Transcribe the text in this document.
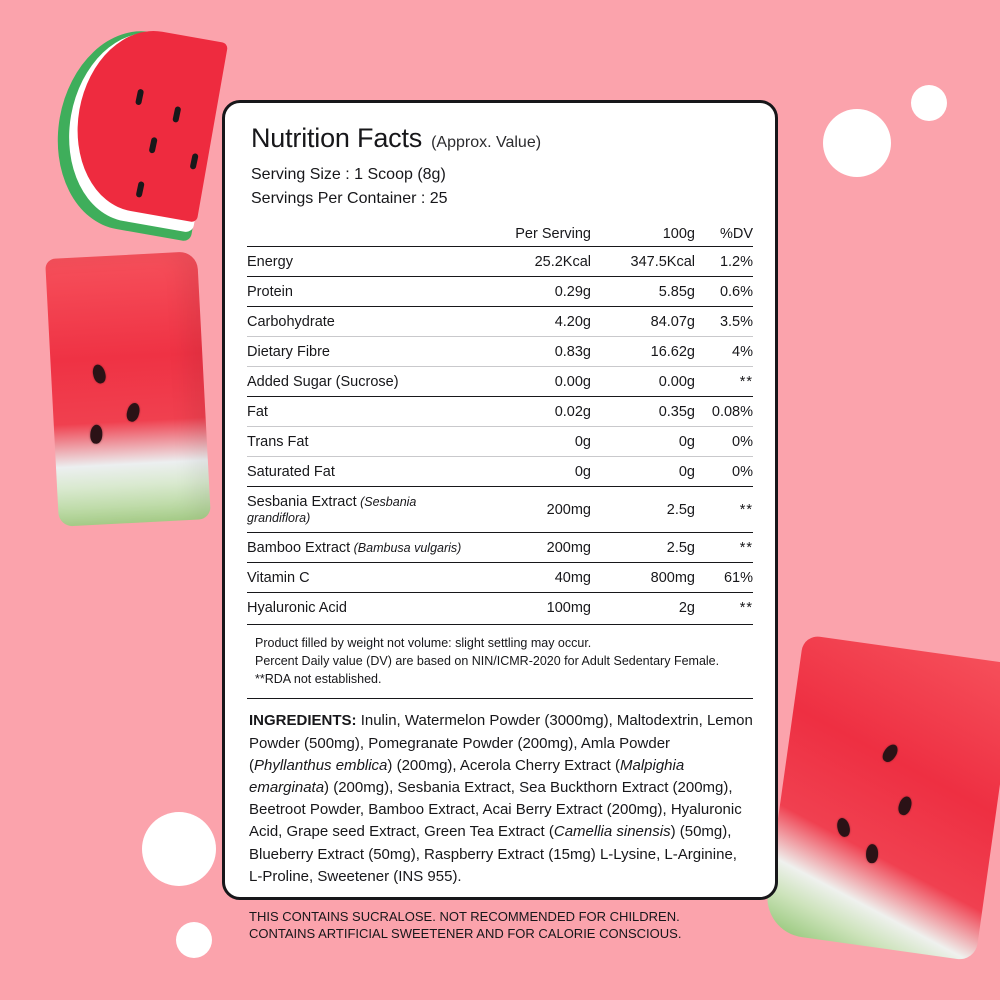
Nutrition Facts (Approx. Value)
Serving Size : 1 Scoop (8g)
Servings Per Container : 25
	Per Serving	100g	%DV
Energy	25.2Kcal	347.5Kcal	1.2%
Protein	0.29g	5.85g	0.6%
Carbohydrate	4.20g	84.07g	3.5%
Dietary Fibre	0.83g	16.62g	4%
Added Sugar (Sucrose)	0.00g	0.00g	**
Fat	0.02g	0.35g	0.08%
Trans Fat	0g	0g	0%
Saturated Fat	0g	0g	0%
Sesbania Extract (Sesbania grandiflora)	200mg	2.5g	**
Bamboo Extract (Bambusa vulgaris)	200mg	2.5g	**
Vitamin C	40mg	800mg	61%
Hyaluronic Acid	100mg	2g	**
Product filled by weight not volume: slight settling may occur.
Percent Daily value (DV) are based on NIN/ICMR-2020 for Adult Sedentary Female.
**RDA not established.
INGREDIENTS: Inulin, Watermelon Powder (3000mg), Maltodextrin, Lemon Powder (500mg), Pomegranate Powder (200mg), Amla Powder (Phyllanthus emblica) (200mg), Acerola Cherry Extract (Malpighia emarginata) (200mg), Sesbania Extract, Sea Buckthorn Extract (200mg), Beetroot Powder, Bamboo Extract, Acai Berry Extract (200mg), Hyaluronic Acid, Grape seed Extract, Green Tea Extract (Camellia sinensis) (50mg), Blueberry Extract (50mg), Raspberry Extract (15mg) L-Lysine, L-Arginine, L-Proline, Sweetener (INS 955).
THIS CONTAINS SUCRALOSE. NOT RECOMMENDED FOR CHILDREN.
CONTAINS ARTIFICIAL SWEETENER AND FOR CALORIE CONSCIOUS.
